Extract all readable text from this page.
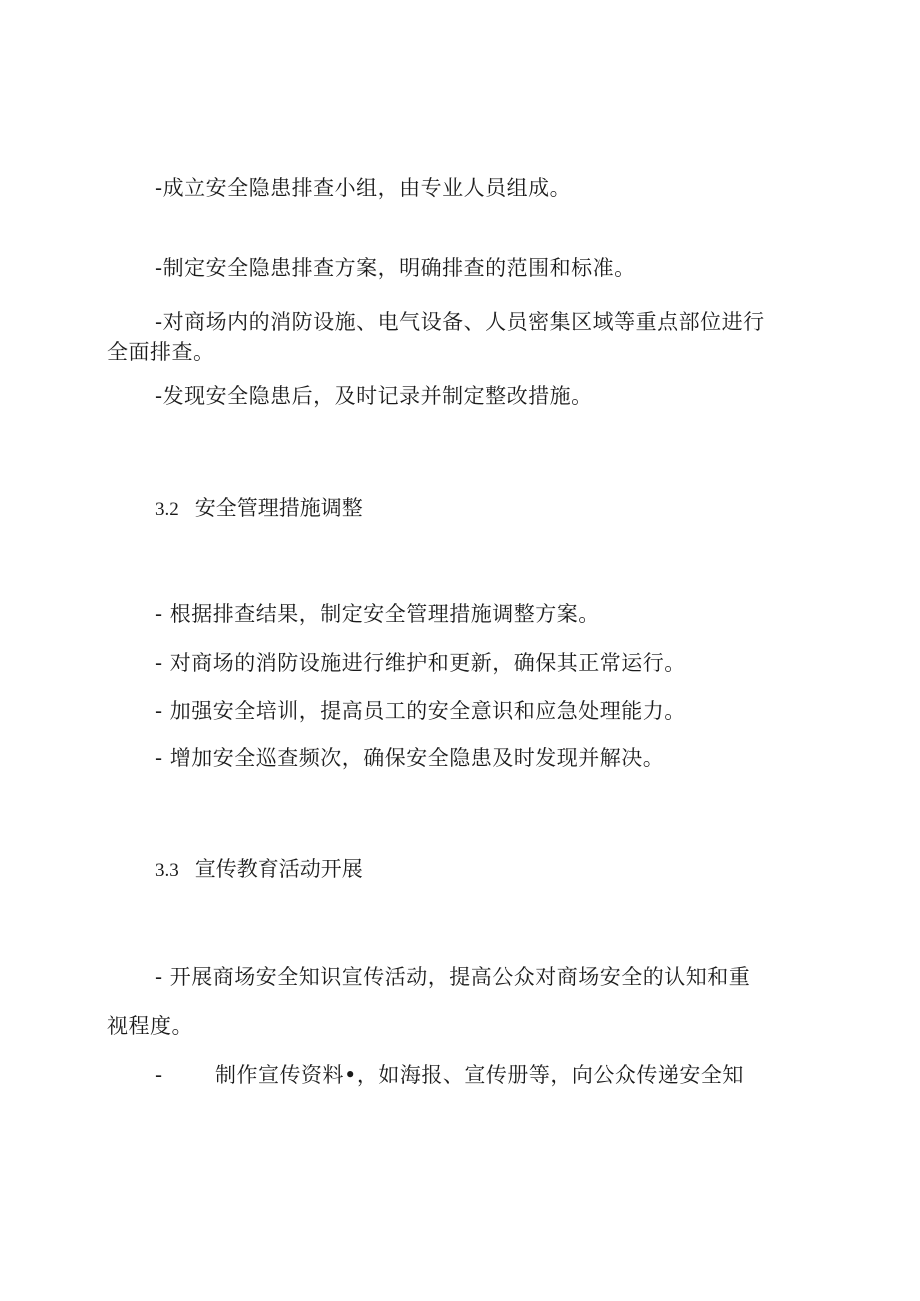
-成立安全隐患排查小组，由专业人员组成。
-制定安全隐患排查方案，明确排查的范围和标准。
-对商场内的消防设施、电气设备、人员密集区域等重点部位进行
全面排查。
-发现安全隐患后，及时记录并制定整改措施。
3.2 安全管理措施调整
- 根据排查结果，制定安全管理措施调整方案。
- 对商场的消防设施进行维护和更新，确保其正常运行。
- 加强安全培训，提高员工的安全意识和应急处理能力。
- 增加安全巡查频次，确保安全隐患及时发现并解决。
3.3 宣传教育活动开展
- 开展商场安全知识宣传活动，提高公众对商场安全的认知和重
视程度。
- 制作宣传资料•，如海报、宣传册等，向公众传递安全知
